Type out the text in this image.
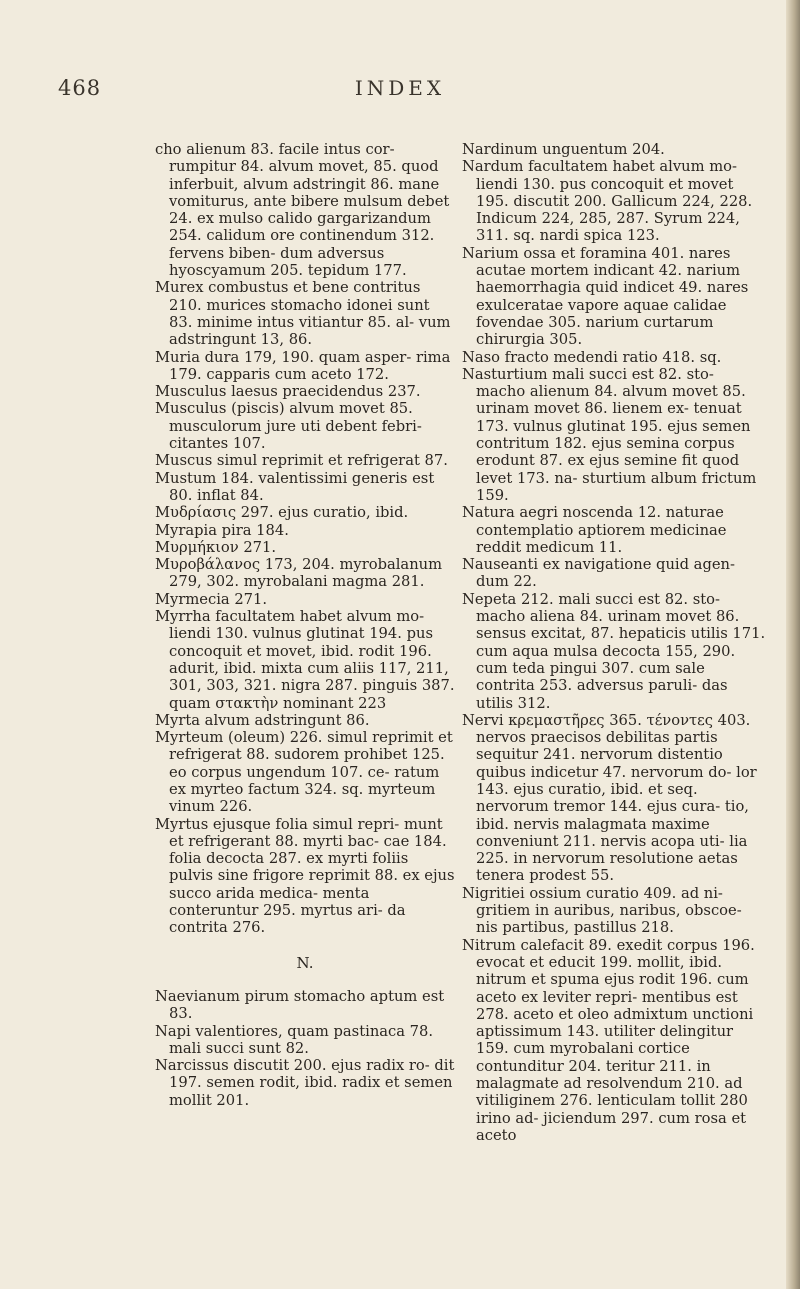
468	INDEX

cho alienum 83. facile intus cor- rumpitur 84. alvum movet, 85. quod inferbuit, alvum adstringit 86. mane vomiturus, ante bibere mulsum debet 24. ex mulso calido gargarizandum 254. calidum ore continendum 312. fervens biben- dum adversus hyoscyamum 205. tepidum 177.

Murex combustus et bene contritus 210. murices stomacho idonei sunt 83. minime intus vitiantur 85. al- vum adstringunt 13, 86.

Muria dura 179, 190. quam asper- rima 179. capparis cum aceto 172.

Musculus laesus praecidendus 237.

Musculus (piscis) alvum movet 85. musculorum jure uti debent febri- citantes 107.

Muscus simul reprimit et refrigerat 87.

Mustum 184. valentissimi generis est 80. inflat 84.

Μυδρίασις 297. ejus curatio, ibid.

Myrapia pira 184.

Μυρμήκιον 271.

Μυροβάλανος 173, 204. myrobalanum 279, 302. myrobalani magma 281.

Myrmecia 271.

Myrrha facultatem habet alvum mo- liendi 130. vulnus glutinat 194. pus concoquit et movet, ibid. rodit 196. adurit, ibid. mixta cum aliis 117, 211, 301, 303, 321. nigra 287. pinguis 387. quam στακτὴν nominant 223

Myrta alvum adstringunt 86.

Myrteum (oleum) 226. simul reprimit et refrigerat 88. sudorem prohibet 125. eo corpus ungendum 107. ce- ratum ex myrteo factum 324. sq. myrteum vinum 226.

Myrtus ejusque folia simul repri- munt et refrigerant 88. myrti bac- cae 184. folia decocta 287. ex myrti foliis pulvis sine frigore reprimit 88. ex ejus succo arida medica- menta conteruntur 295. myrtus ari- da contrita 276.

N.

Naevianum pirum stomacho aptum est 83.

Napi valentiores, quam pastinaca 78. mali succi sunt 82.

Narcissus discutit 200. ejus radix ro- dit 197. semen rodit, ibid. radix et semen mollit 201.

Nardinum unguentum 204.

Nardum facultatem habet alvum mo- liendi 130. pus concoquit et movet 195. discutit 200. Gallicum 224, 228. Indicum 224, 285, 287. Syrum 224, 311. sq. nardi spica 123.

Narium ossa et foramina 401. nares acutae mortem indicant 42. narium haemorrhagia quid indicet 49. nares exulceratae vapore aquae calidae fovendae 305. narium curtarum chirurgia 305.

Naso fracto medendi ratio 418. sq.

Nasturtium mali succi est 82. sto- macho alienum 84. alvum movet 85. urinam movet 86. lienem ex- tenuat 173. vulnus glutinat 195. ejus semen contritum 182. ejus semina corpus erodunt 87. ex ejus semine fit quod levet 173. na- sturtium album frictum 159.

Natura aegri noscenda 12. naturae contemplatio aptiorem medicinae reddit medicum 11.

Nauseanti ex navigatione quid agen- dum 22.

Nepeta 212. mali succi est 82. sto- macho aliena 84. urinam movet 86. sensus excitat, 87. hepaticis utilis 171. cum aqua mulsa decocta 155, 290. cum teda pingui 307. cum sale contrita 253. adversus paruli- das utilis 312.

Nervi κρεμαστῆρες 365. τένοντες 403. nervos praecisos debilitas partis sequitur 241. nervorum distentio quibus indicetur 47. nervorum do- lor 143. ejus curatio, ibid. et seq. nervorum tremor 144. ejus cura- tio, ibid. nervis malagmata maxime conveniunt 211. nervis acopa uti- lia 225. in nervorum resolutione aetas tenera prodest 55.

Nigritiei ossium curatio 409. ad ni- gritiem in auribus, naribus, obscoe- nis partibus, pastillus 218.

Nitrum calefacit 89. exedit corpus 196. evocat et educit 199. mollit, ibid. nitrum et spuma ejus rodit 196. cum aceto ex leviter repri- mentibus est 278. aceto et oleo admixtum unctioni aptissimum 143. utiliter delingitur 159. cum myrobalani cortice contunditur 204. teritur 211. in malagmate ad resolvendum 210. ad vitiliginem 276. lenticulam tollit 280 irino ad- jiciendum 297. cum rosa et aceto
